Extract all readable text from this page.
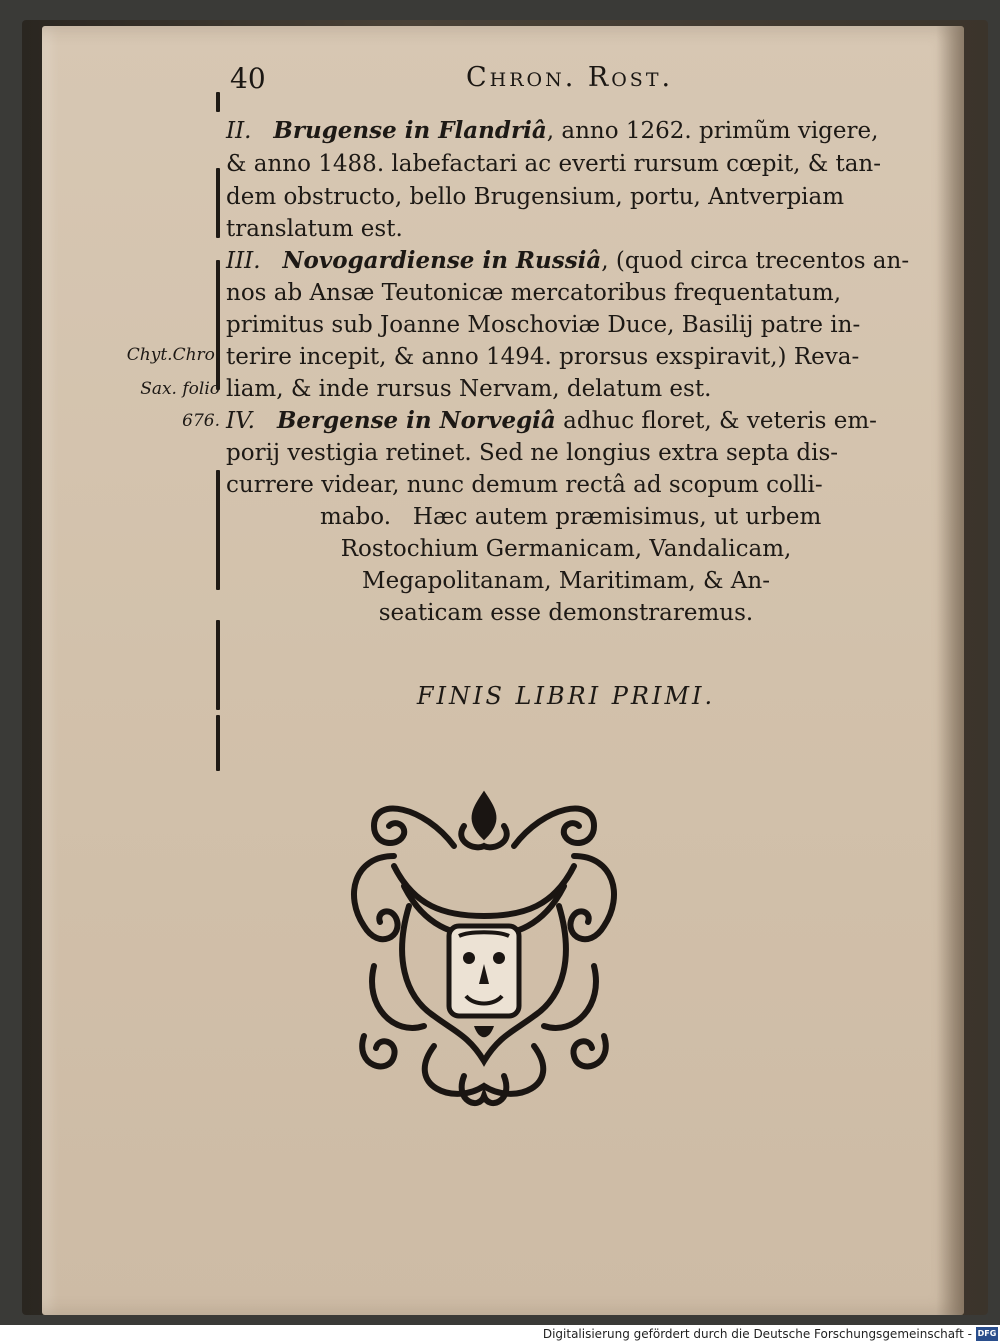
40	Chron. Rost.
Chyt.Chro.
Sax. folio
676.
II. Brugense in Flandriâ, anno 1262. primũm vigere,
& anno 1488. labefactari ac everti rursum cœpit, & tan-
dem obstructo, bello Brugensium, portu, Antverpiam
translatum est.
III. Novogardiense in Russiâ, (quod circa trecentos an-
nos ab Ansæ Teutonicæ mercatoribus frequentatum,
primitus sub Joanne Moschoviæ Duce, Basilij patre in-
terire incepit, & anno 1494. prorsus exspiravit,) Reva-
liam, & inde rursus Nervam, delatum est.
IV. Bergense in Norvegiâ adhuc floret, & veteris em-
porij vestigia retinet. Sed ne longius extra septa dis-
currere videar, nunc demum rectâ ad scopum colli-
mabo.   Hæc autem præmisimus, ut urbem
Rostochium Germanicam, Vandalicam,
Megapolitanam, Maritimam, & An-
seaticam esse demonstraremus.
FINIS LIBRI PRIMI.
Digitalisierung gefördert durch die Deutsche Forschungsgemeinschaft - DFG
